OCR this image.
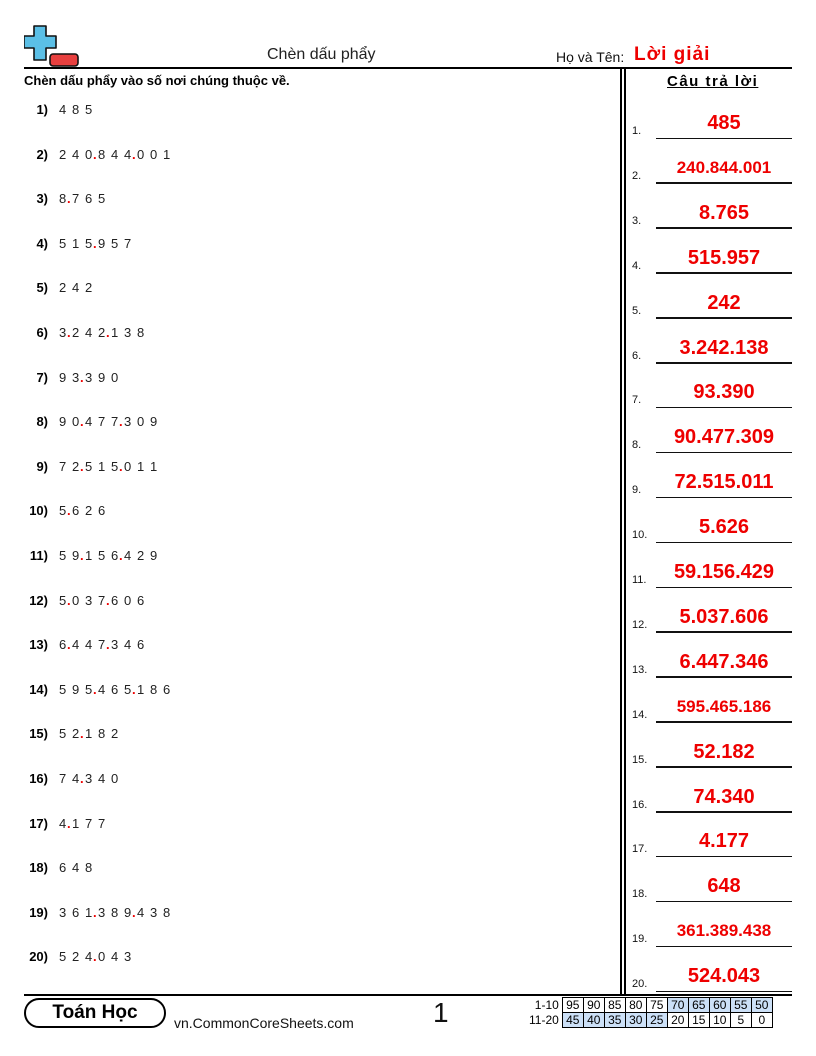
Chèn dấu phẩy	Họ và Tên: Lời giải
Chèn dấu phẩy vào số nơi chúng thuộc về.	Câu trả lời
1) 4 8 5
2) 2 4 0.8 4 4.0 0 1
3) 8.7 6 5
4) 5 1 5.9 5 7
5) 2 4 2
6) 3.2 4 2.1 3 8
7) 9 3.3 9 0
8) 9 0.4 7 7.3 0 9
9) 7 2.5 1 5.0 1 1
10) 5.6 2 6
11) 5 9.1 5 6.4 2 9
12) 5.0 3 7.6 0 6
13) 6.4 4 7.3 4 6
14) 5 9 5.4 6 5.1 8 6
15) 5 2.1 8 2
16) 7 4.3 4 0
17) 4.1 7 7
18) 6 4 8
19) 3 6 1.3 8 9.4 3 8
20) 5 2 4.0 4 3
1.	485
2.	240.844.001
3.	8.765
4.	515.957
5.	242
6.	3.242.138
7.	93.390
8.	90.477.309
9.	72.515.011
10.	5.626
11.	59.156.429
12.	5.037.606
13.	6.447.346
14.	595.465.186
15.	52.182
16.	74.340
17.	4.177
18.	648
19.	361.389.438
20.	524.043
Toán Học	vn.CommonCoreSheets.com	1	1-10	95	90	85	80	75	70	65	60	55	50
11-20	45	40	35	30	25	20	15	10	5	0
